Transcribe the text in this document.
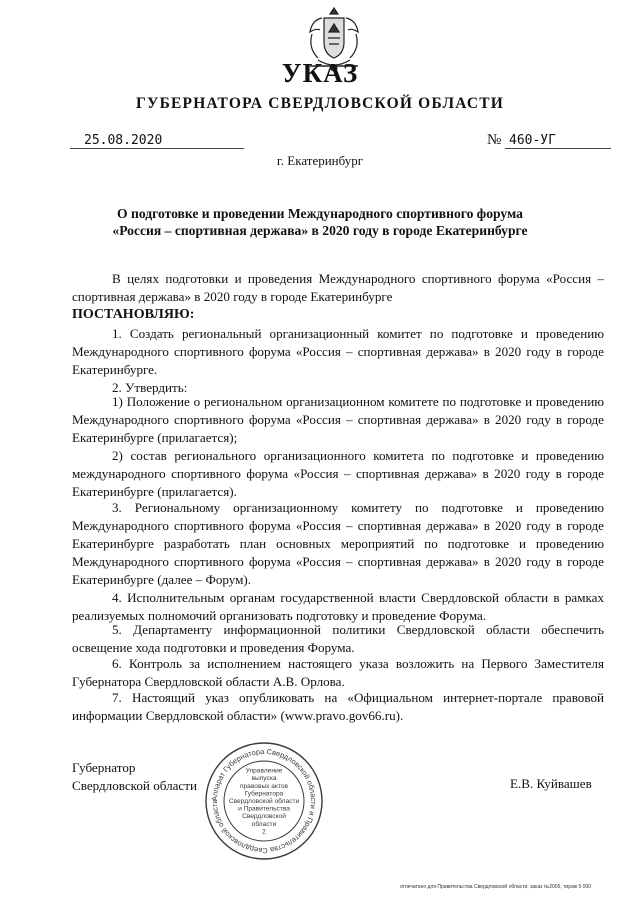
УКАЗ
ГУБЕРНАТОРА СВЕРДЛОВСКОЙ ОБЛАСТИ
25.08.2020	№ 460-УГ
г. Екатеринбург
О подготовке и проведении Международного спортивного форума
«Россия – спортивная держава» в 2020 году в городе Екатеринбурге
В целях подготовки и проведения Международного спортивного форума «Россия – спортивная держава» в 2020 году в городе Екатеринбурге
ПОСТАНОВЛЯЮ:
1. Создать региональный организационный комитет по подготовке и проведению Международного спортивного форума «Россия – спортивная держава» в 2020 году в городе Екатеринбурге.
2. Утвердить:
1) Положение о региональном организационном комитете по подготовке и проведению Международного спортивного форума «Россия – спортивная держава» в 2020 году в городе Екатеринбурге (прилагается);
2) состав регионального организационного комитета по подготовке и проведению международного спортивного форума «Россия – спортивная держава» в 2020 году в городе Екатеринбурге (прилагается).
3. Региональному организационному комитету по подготовке и проведению Международного спортивного форума «Россия – спортивная держава» в 2020 году в городе Екатеринбурге разработать план основных мероприятий по подготовке и проведению Международного спортивного форума «Россия – спортивная держава» в 2020 году в городе Екатеринбурге (далее – Форум).
4. Исполнительным органам государственной власти Свердловской области в рамках реализуемых полномочий организовать подготовку и проведение Форума.
5. Департаменту информационной политики Свердловской области обеспечить освещение хода подготовки и проведения Форума.
6. Контроль за исполнением настоящего указа возложить на Первого Заместителя Губернатора Свердловской области А.В. Орлова.
7. Настоящий указ опубликовать на «Официальном интернет-портале правовой информации Свердловской области» (www.pravo.gov66.ru).
Губернатор
Свердловской области	Е.В. Куйвашев
Аппарат Губернатора Свердловской области и Правительства Свердловской области
Управление
выпуска
правовых актов
Губернатора
Свердловской области
и Правительства
Свердловской
области
2
отпечатано для Правительства Свердловской области, заказ №2005, тираж 5 000
